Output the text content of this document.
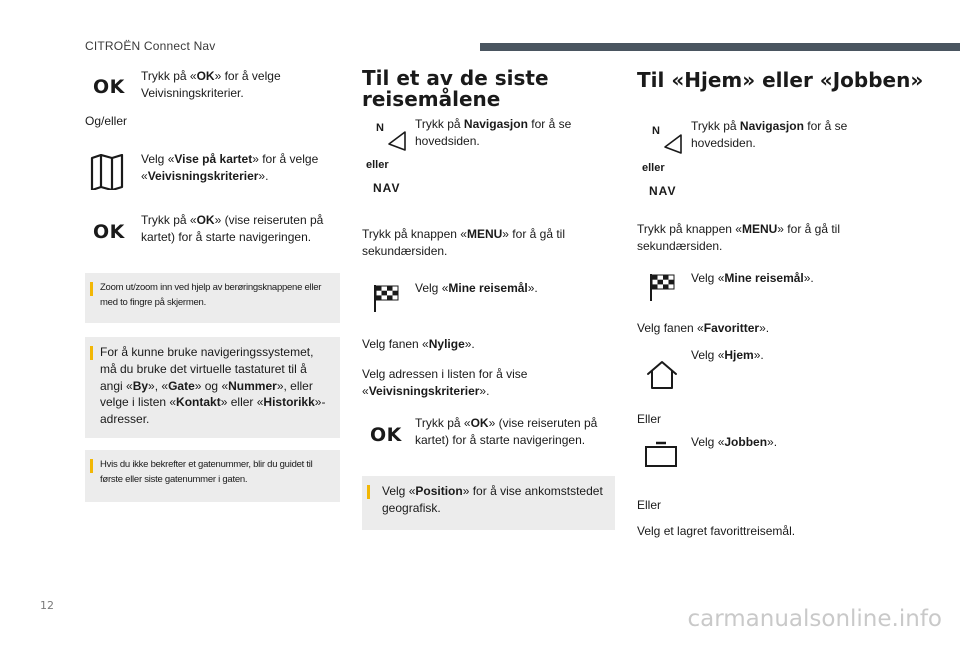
CITROËN Connect Nav
OK Trykk på «OK» for å velge Veivisningskriterier.
Og/eller
Velg «Vise på kartet» for å velge «Veivisningskriterier».
OK
Trykk på «OK» (vise reiseruten på kartet) for å starte navigeringen.
Zoom ut/zoom inn ved hjelp av berøringsknappene eller med to fingre på skjermen.
For å kunne bruke navigeringssystemet, må du bruke det virtuelle tastaturet til å angi «By», «Gate» og «Nummer», eller velge i listen «Kontakt» eller «Historikk»-adresser.
Hvis du ikke bekrefter et gatenummer, blir du guidet til første eller siste gatenummer i gaten.
Til et av de siste reisemålene
N
eller
NAV
Trykk på Navigasjon for å se hovedsiden.
Trykk på knappen «MENU» for å gå til sekundærsiden.
Velg «Mine reisemål».
Velg fanen «Nylige».
Velg adressen i listen for å vise «Veivisningskriterier».
OK
Trykk på «OK» (vise reiseruten på kartet) for å starte navigeringen.
Velg «Position» for å vise ankomststedet geografisk.
Til «Hjem» eller «Jobben»
N
eller
NAV
Trykk på Navigasjon for å se hovedsiden.
Trykk på knappen «MENU» for å gå til sekundærsiden.
Velg «Mine reisemål».
Velg fanen «Favoritter».
Velg «Hjem».
Eller
Velg «Jobben».
Eller
Velg et lagret favorittreisemål.
12
carmanualsonline.info
